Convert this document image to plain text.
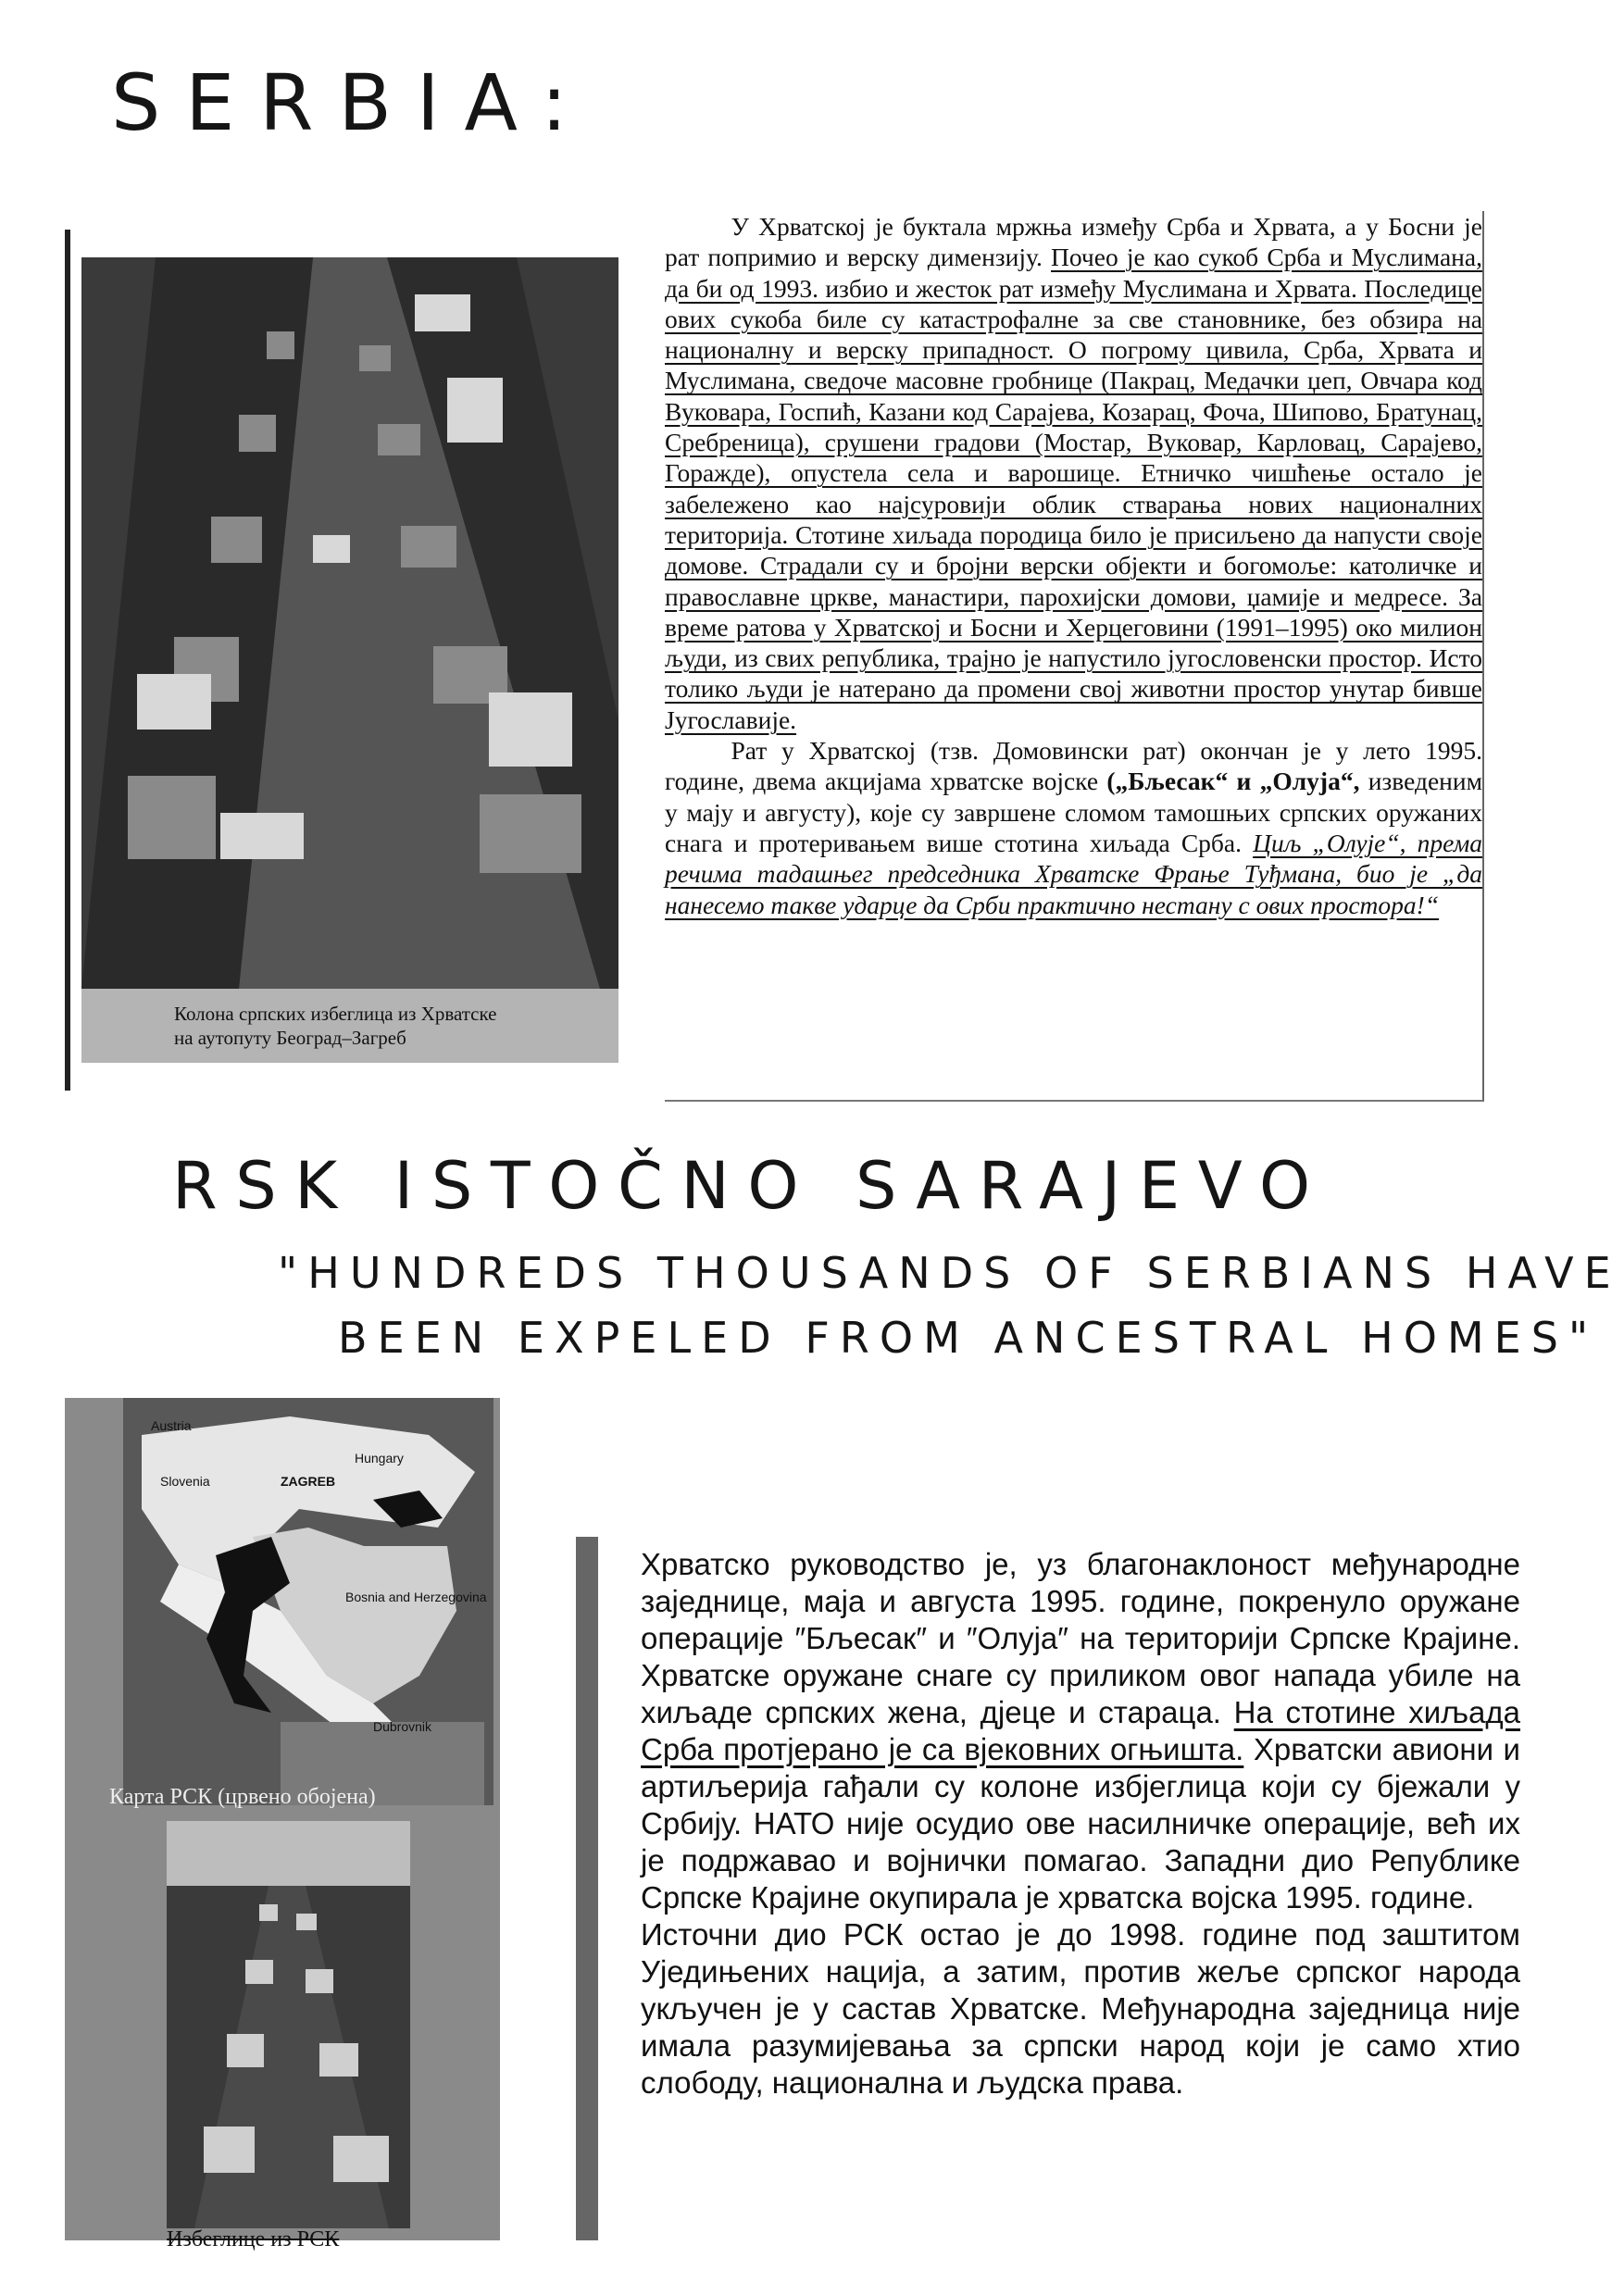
SERBIA:
Колона српских избеглица из Хрватске
на аутопуту Београд–Загреб

У Хрватској је буктала мржња између Срба и Хрвата, а у Босни је рат попримио и верску димензију. Почео је као сукоб Срба и Муслимана, да би од 1993. избио и жесток рат између Муслимана и Хрвата. Последице ових сукоба биле су катастрофалне за све становнике, без обзира на националну и верску припадност. О погрому цивила, Срба, Хрвата и Муслимана, сведоче масовне гробнице (Пакрац, Медачки џеп, Овчара код Вуковара, Госпић, Казани код Сарајева, Козарац, Фоча, Шипово, Братунац, Сребреница), срушени градови (Мостар, Вуковар, Карловац, Сарајево, Горажде), опустела села и варошице. Етничко чишћење остало је забележено као најсуровији облик стварања нових националних територија. Стотине хиљада породица било је присиљено да напусти своје домове. Страдали су и бројни верски објекти и богомоље: католичке и православне цркве, манастири, парохијски домови, џамије и медресе. За време ратова у Хрватској и Босни и Херцеговини (1991–1995) око милион људи, из свих република, трајно је напустило југословенски простор. Исто толико људи је натерано да промени свој животни простор унутар бивше Југославије.

Рат у Хрватској (тзв. Домовински рат) окончан је у лето 1995. године, двема акцијама хрватске војске („Бљесак“ и „Олуја“, изведеним у мају и августу), које су завршене сломом тамошњих српских оружаних снага и протеривањем више стотина хиљада Срба. Циљ „Олује“, према речима тадашњег председника Хрватске Фрање Туђмана, био је „да нанесемо такве ударце да Срби практично нестану с ових простора!“

RSK ISTOČNO SARAJEVO
"HUNDREDS THOUSANDS OF SERBIANS HAVE
BEEN EXPELED FROM ANCESTRAL HOMES"
Austria
Hungary
Slovenia	ZAGREB
Bosnia and Herzegovina
Dubrovnik
Карта РСК (црвено обојена)
Избеглице из РСК

Хрватско руководство је, уз благонаклоност међународне заједнице, маја и августа 1995. године, покренуло оружане операције ″Бљесак″ и ″Олуја″ на територији Српске Крајине. Хрватске оружане снаге су приликом овог напада убиле на хиљаде српских жена, дјеце и стараца. На стотине хиљада Срба протјерано је са вјековних огњишта. Хрватски авиони и артиљерија гађали су колоне избјеглица који су бјежали у Србију. НАТО није осудио ове насилничке операције, већ их је подржавао и војнички помагао. Западни дио Републике Српске Крајине окупирала је хрватска војска 1995. године.

Источни дио РСК остао је до 1998. године под заштитом Уједињених нација, а затим, против жеље српског народа укључен је у састав Хрватске. Међународна заједница није имала разумијевања за српски народ који је само хтио слободу, национална и људска права.
